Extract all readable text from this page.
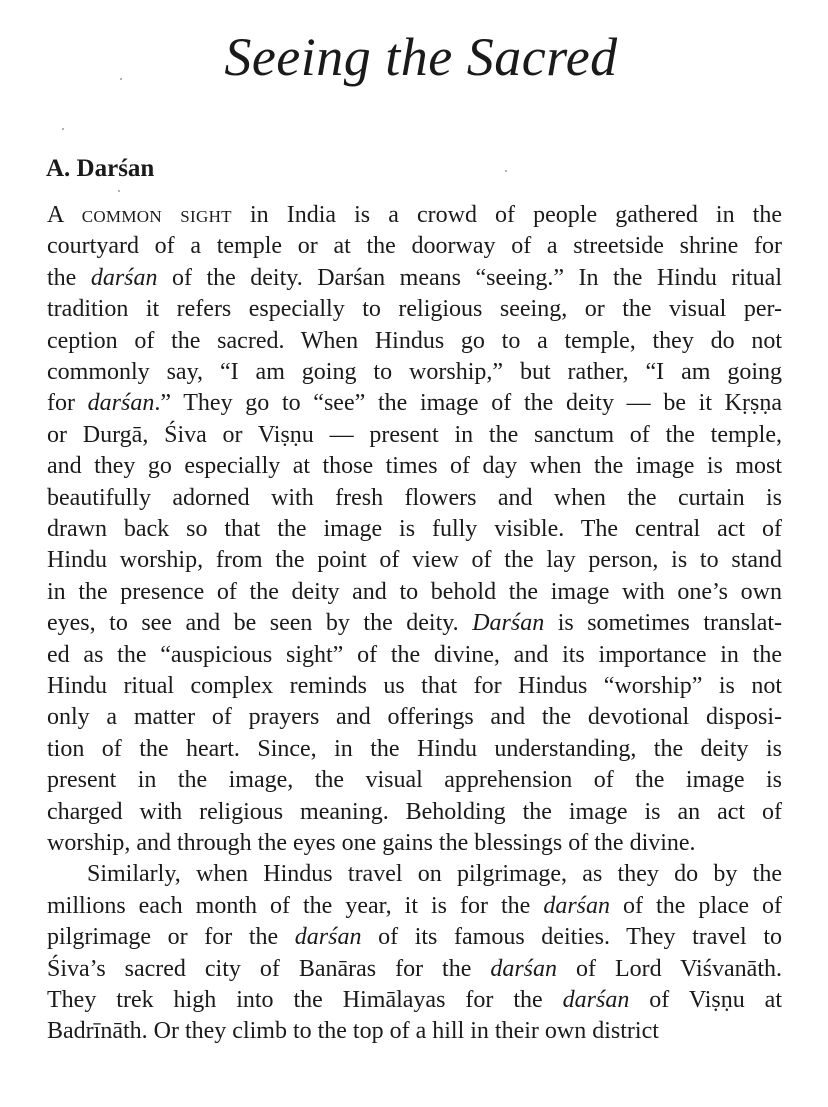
Seeing the Sacred
A. Darśan
A common sight in India is a crowd of people gathered in the
courtyard of a temple or at the doorway of a streetside shrine for
the darśan of the deity. Darśan means “seeing.” In the Hindu ritual
tradition it refers especially to religious seeing, or the visual per-
ception of the sacred. When Hindus go to a temple, they do not
commonly say, “I am going to worship,” but rather, “I am going
for darśan.” They go to “see” the image of the deity — be it Kṛṣṇa
or Durgā, Śiva or Viṣṇu — present in the sanctum of the temple,
and they go especially at those times of day when the image is most
beautifully adorned with fresh flowers and when the curtain is
drawn back so that the image is fully visible. The central act of
Hindu worship, from the point of view of the lay person, is to stand
in the presence of the deity and to behold the image with one’s own
eyes, to see and be seen by the deity. Darśan is sometimes translat-
ed as the “auspicious sight” of the divine, and its importance in the
Hindu ritual complex reminds us that for Hindus “worship” is not
only a matter of prayers and offerings and the devotional disposi-
tion of the heart. Since, in the Hindu understanding, the deity is
present in the image, the visual apprehension of the image is
charged with religious meaning. Beholding the image is an act of
worship, and through the eyes one gains the blessings of the divine.
Similarly, when Hindus travel on pilgrimage, as they do by the
millions each month of the year, it is for the darśan of the place of
pilgrimage or for the darśan of its famous deities. They travel to
Śiva’s sacred city of Banāras for the darśan of Lord Viśvanāth.
They trek high into the Himālayas for the darśan of Viṣṇu at
Badrīnāth. Or they climb to the top of a hill in their own district
